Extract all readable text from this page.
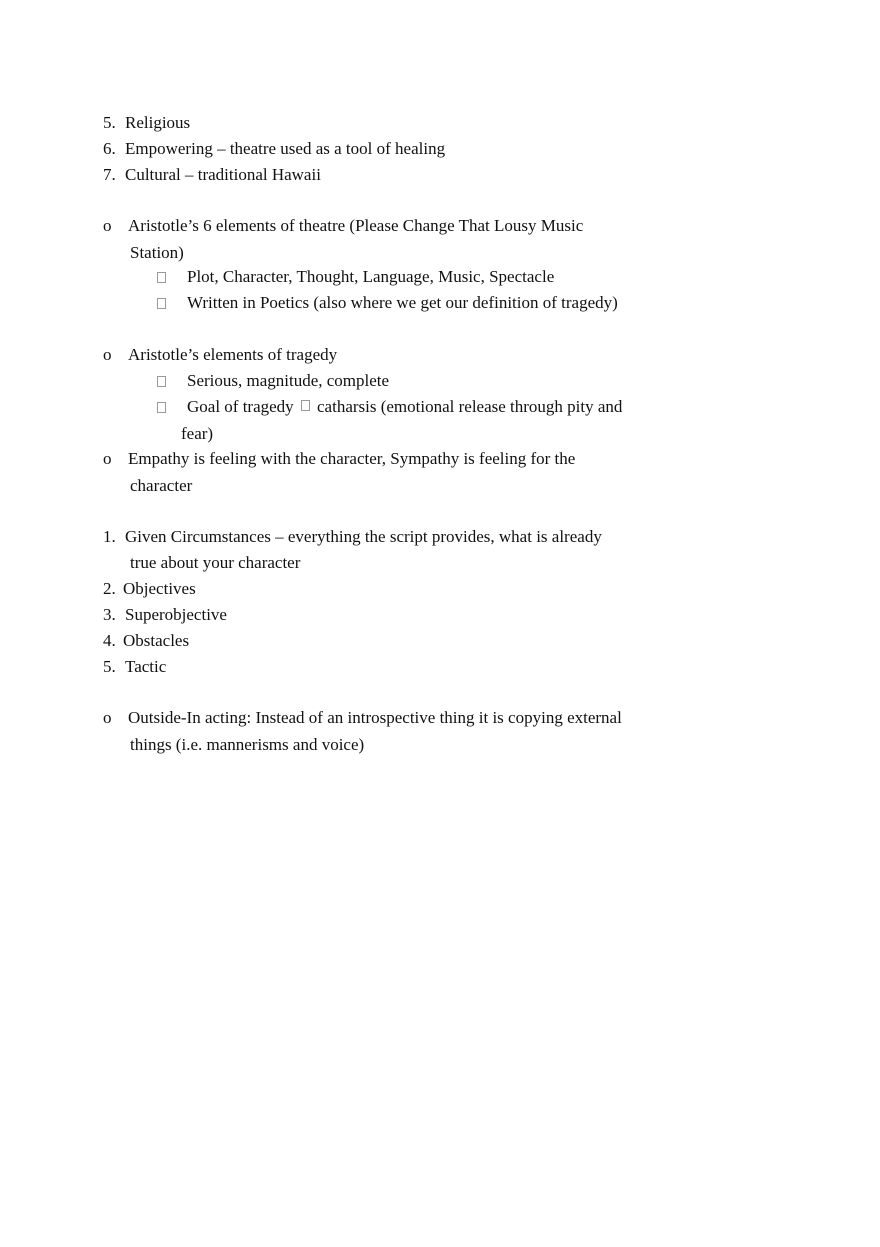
5. Religious
6. Empowering – theatre used as a tool of healing
7. Cultural – traditional Hawaii
o Aristotle’s 6 elements of theatre (Please Change That Lousy Music
Station)
Plot, Character, Thought, Language, Music, Spectacle
Written in Poetics (also where we get our definition of tragedy)
o Aristotle’s elements of tragedy
Serious, magnitude, complete
Goal of tragedy catharsis (emotional release through pity and
fear)
o Empathy is feeling with the character, Sympathy is feeling for the
character
1. Given Circumstances – everything the script provides, what is already
true about your character
2. Objectives
3. Superobjective
4. Obstacles
5. Tactic
o Outside-In acting: Instead of an introspective thing it is copying external
things (i.e. mannerisms and voice)
